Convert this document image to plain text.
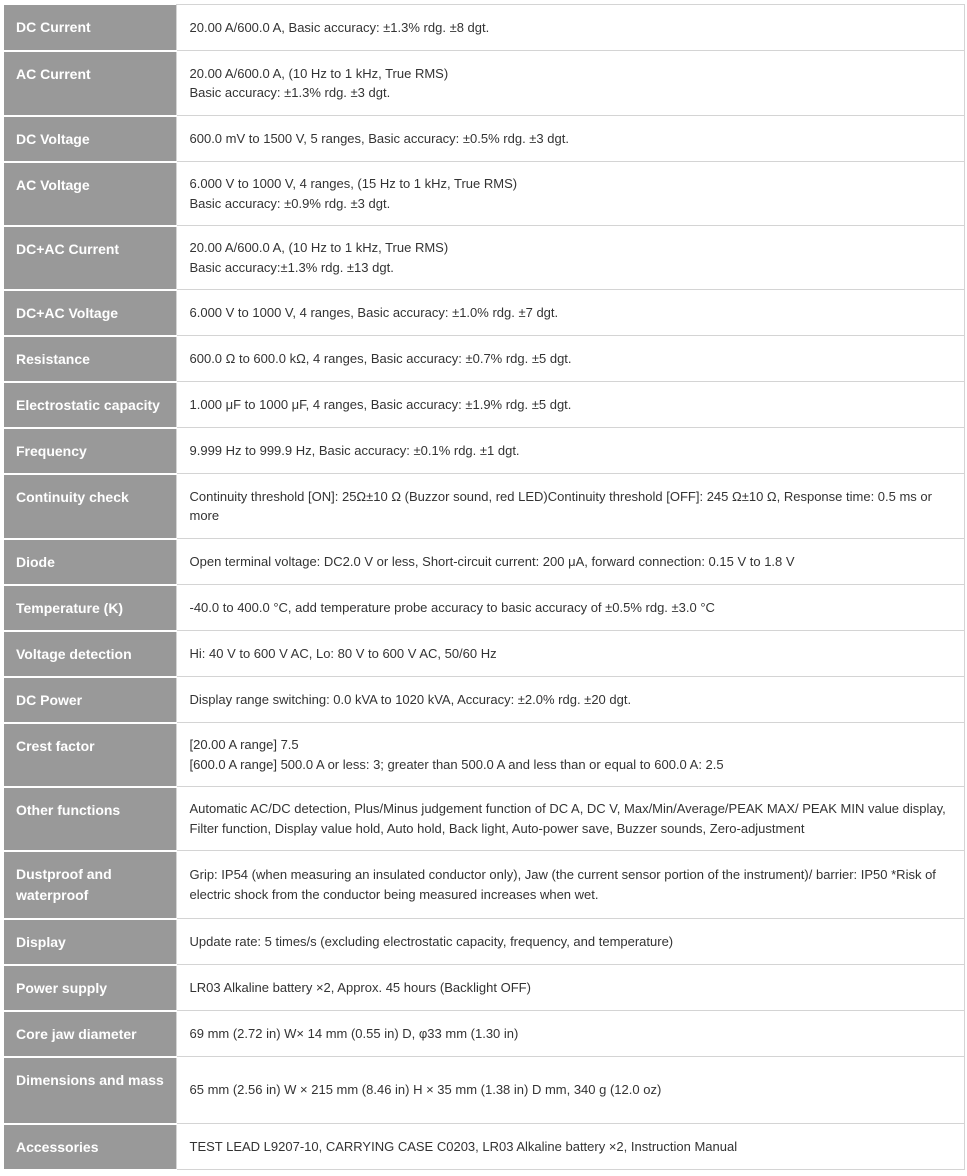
DC Current	20.00 A/600.0 A, Basic accuracy: ±1.3% rdg. ±8 dgt.

AC Current	20.00 A/600.0 A, (10 Hz to 1 kHz, True RMS)
Basic accuracy: ±1.3% rdg. ±3 dgt.

DC Voltage	600.0 mV to 1500 V, 5 ranges, Basic accuracy: ±0.5% rdg. ±3 dgt.

AC Voltage	6.000 V to 1000 V, 4 ranges, (15 Hz to 1 kHz, True RMS)
Basic accuracy: ±0.9% rdg. ±3 dgt.

DC+AC Current	20.00 A/600.0 A, (10 Hz to 1 kHz, True RMS)
Basic accuracy:±1.3% rdg. ±13 dgt.

DC+AC Voltage	6.000 V to 1000 V, 4 ranges, Basic accuracy: ±1.0% rdg. ±7 dgt.

Resistance	600.0 Ω to 600.0 kΩ, 4 ranges, Basic accuracy: ±0.7% rdg. ±5 dgt.

Electrostatic capacity	1.000 μF to 1000 μF, 4 ranges, Basic accuracy: ±1.9% rdg. ±5 dgt.

Frequency	9.999 Hz to 999.9 Hz, Basic accuracy: ±0.1% rdg. ±1 dgt.

Continuity check	Continuity threshold [ON]: 25Ω±10 Ω (Buzzor sound, red LED)Continuity threshold [OFF]: 245 Ω±10 Ω, Response time: 0.5 ms or more

Diode	Open terminal voltage: DC2.0 V or less, Short-circuit current: 200 μA, forward connection: 0.15 V to 1.8 V

Temperature (K)	-40.0 to 400.0 °C, add temperature probe accuracy to basic accuracy of ±0.5% rdg. ±3.0 °C

Voltage detection	Hi: 40 V to 600 V AC, Lo: 80 V to 600 V AC, 50/60 Hz

DC Power	Display range switching: 0.0 kVA to 1020 kVA, Accuracy: ±2.0% rdg. ±20 dgt.

Crest factor	[20.00 A range] 7.5
[600.0 A range] 500.0 A or less: 3; greater than 500.0 A and less than or equal to 600.0 A: 2.5

Other functions	Automatic AC/DC detection, Plus/Minus judgement function of DC A, DC V, Max/Min/Average/PEAK MAX/ PEAK MIN value display, Filter function, Display value hold, Auto hold, Back light, Auto-power save, Buzzer sounds, Zero-adjustment

Dustproof and waterproof	Grip: IP54 (when measuring an insulated conductor only), Jaw (the current sensor portion of the instrument)/ barrier: IP50 *Risk of electric shock from the conductor being measured increases when wet.

Display	Update rate: 5 times/s (excluding electrostatic capacity, frequency, and temperature)

Power supply	LR03 Alkaline battery ×2, Approx. 45 hours (Backlight OFF)

Core jaw diameter	69 mm (2.72 in) W× 14 mm (0.55 in) D, φ33 mm (1.30 in)

Dimensions and mass	65 mm (2.56 in) W × 215 mm (8.46 in) H × 35 mm (1.38 in) D mm, 340 g (12.0 oz)

Accessories	TEST LEAD L9207-10, CARRYING CASE C0203, LR03 Alkaline battery ×2, Instruction Manual
